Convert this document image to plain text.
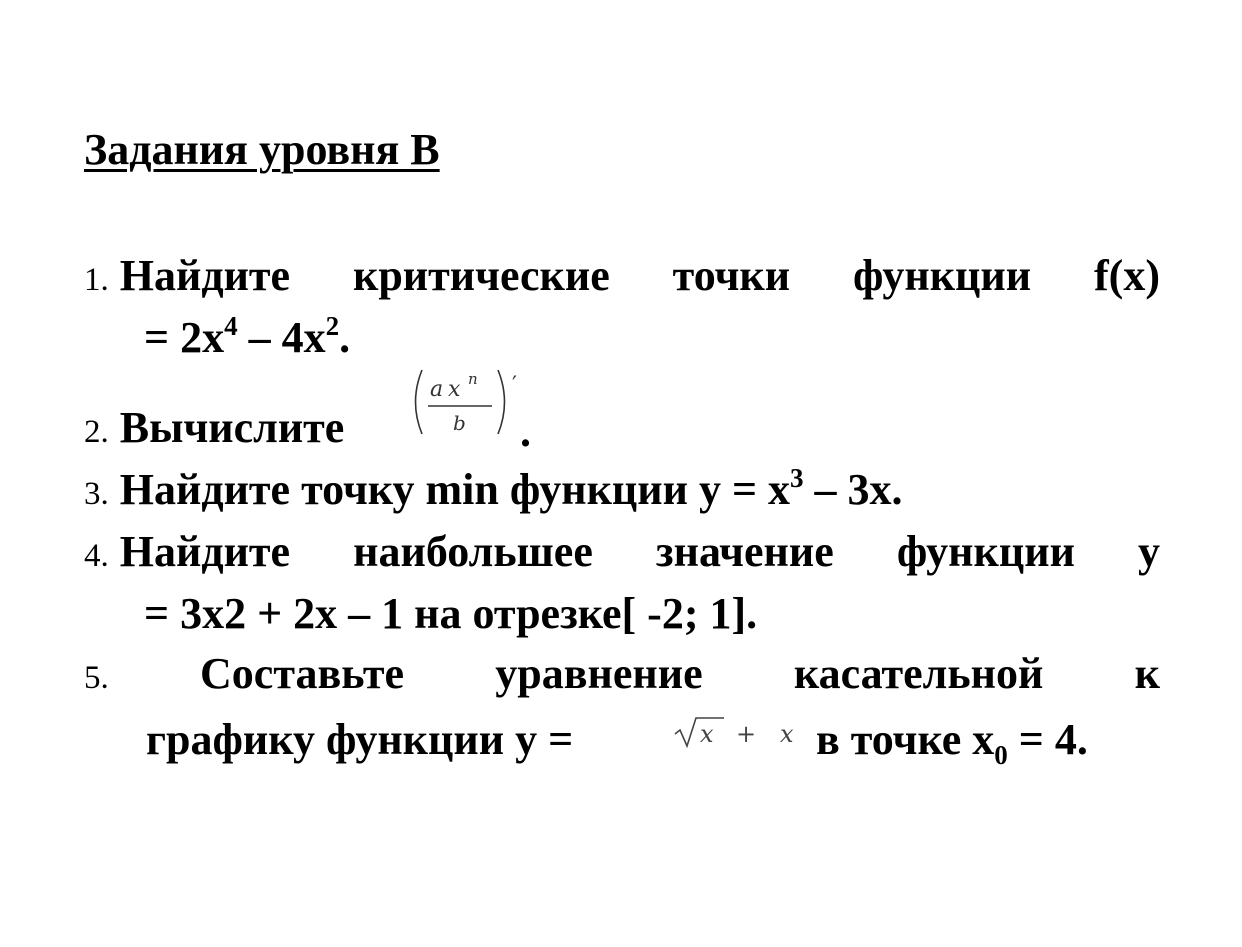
Задания уровня В
1. Найдите критические точки функции f(x)
= $2x^4 - 4x^2$.
2. Вычислите
a x n
b
′
.
3. Найдите точку min функции $y = x^3 - 3x$.
4. Найдите наибольшее значение функции y
= 3x2 + 2x – 1 на отрезке[ -2; 1].
5. Составьте уравнение касательной к
графику функции y =	x + x в точке $x_0 = 4$.
